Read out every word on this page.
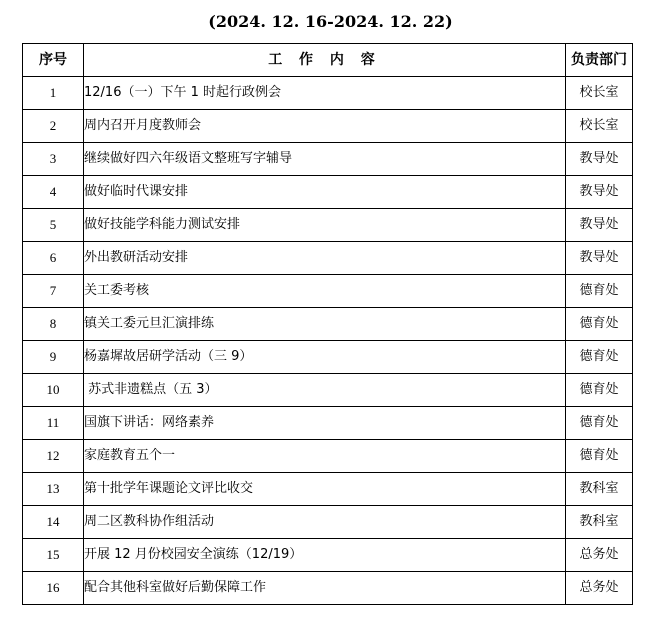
(2024. 12. 16-2024. 12. 22)
序号	工 作 内 容	负责部门
1	12/16（一）下午 1 时起行政例会	校长室
2	周内召开月度教师会	校长室
3	继续做好四六年级语文整班写字辅导	教导处
4	做好临时代课安排	教导处
5	做好技能学科能力测试安排	教导处
6	外出教研活动安排	教导处
7	关工委考核	德育处
8	镇关工委元旦汇演排练	德育处
9	杨嘉墀故居研学活动（三 9）	德育处
10	苏式非遗糕点（五 3）	德育处
11	国旗下讲话：网络素养	德育处
12	家庭教育五个一	德育处
13	第十批学年课题论文评比收交	教科室
14	周二区教科协作组活动	教科室
15	开展 12 月份校园安全演练（12/19）	总务处
16	配合其他科室做好后勤保障工作	总务处
